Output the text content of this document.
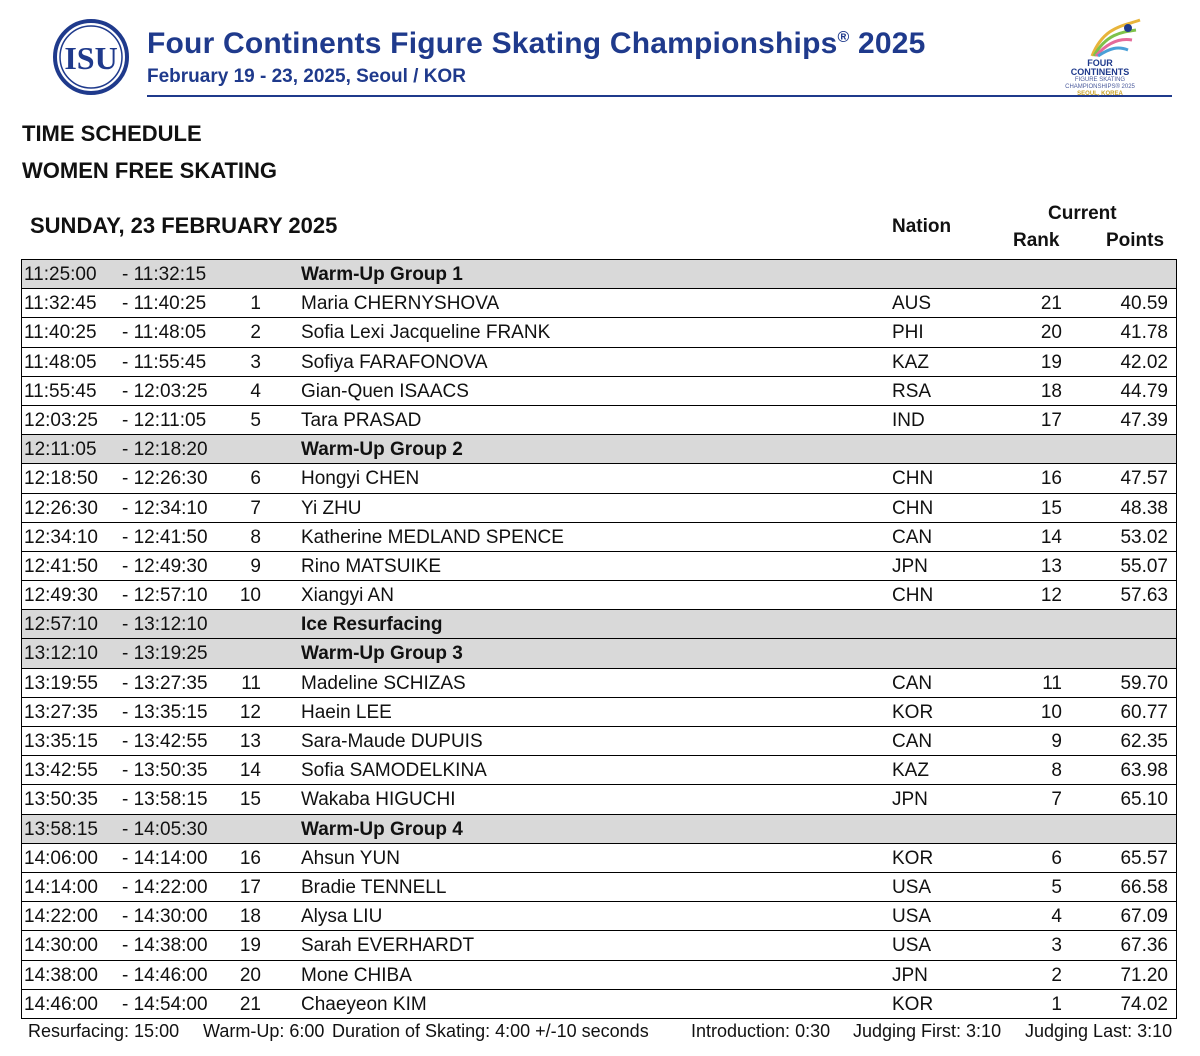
ISU Four Continents Figure Skating Championships® 2025
February 19 - 23, 2025, Seoul / KOR
FOUR
CONTINENTS
FIGURE SKATING
CHAMPIONSHIPS® 2025
SEOUL, KOREA
TIME SCHEDULE
WOMEN FREE SKATING
SUNDAY, 23 FEBRUARY 2025	Nation
Current
Rank Points
11:25:00 - 11:32:15	Warm-Up Group 1
11:32:45 - 11:40:25	1 Maria CHERNYSHOVA	AUS	21	40.59
11:40:25 - 11:48:05	2 Sofia Lexi Jacqueline FRANK	PHI	20	41.78
11:48:05 - 11:55:45	3 Sofiya FARAFONOVA	KAZ	19	42.02
11:55:45 - 12:03:25	4 Gian-Quen ISAACS	RSA	18	44.79
12:03:25 - 12:11:05	5 Tara PRASAD	IND	17	47.39
12:11:05 - 12:18:20	Warm-Up Group 2
12:18:50 - 12:26:30	6 Hongyi CHEN	CHN	16	47.57
12:26:30 - 12:34:10	7 Yi ZHU	CHN	15	48.38
12:34:10 - 12:41:50	8 Katherine MEDLAND SPENCE	CAN	14	53.02
12:41:50 - 12:49:30	9 Rino MATSUIKE	JPN	13	55.07
12:49:30 - 12:57:10 10 Xiangyi AN	CHN	12	57.63
12:57:10 - 13:12:10	Ice Resurfacing
13:12:10 - 13:19:25	Warm-Up Group 3
13:19:55 - 13:27:35 11 Madeline SCHIZAS	CAN	11	59.70
13:27:35 - 13:35:15 12 Haein LEE	KOR	10	60.77
13:35:15 - 13:42:55 13 Sara-Maude DUPUIS	CAN	9	62.35
13:42:55 - 13:50:35 14 Sofia SAMODELKINA	KAZ	8	63.98
13:50:35 - 13:58:15 15 Wakaba HIGUCHI	JPN	7	65.10
13:58:15 - 14:05:30	Warm-Up Group 4
14:06:00 - 14:14:00 16 Ahsun YUN	KOR	6	65.57
14:14:00 - 14:22:00 17 Bradie TENNELL	USA	5	66.58
14:22:00 - 14:30:00 18 Alysa LIU	USA	4	67.09
14:30:00 - 14:38:00 19 Sarah EVERHARDT	USA	3	67.36
14:38:00 - 14:46:00 20 Mone CHIBA	JPN	2	71.20
14:46:00 - 14:54:00 21 Chaeyeon KIM	KOR	1	74.02
Resurfacing: 15:00 Warm-Up: 6:00 Duration of Skating: 4:00 +/-10 seconds Introduction: 0:30 Judging First: 3:10 Judging Last: 3:10
